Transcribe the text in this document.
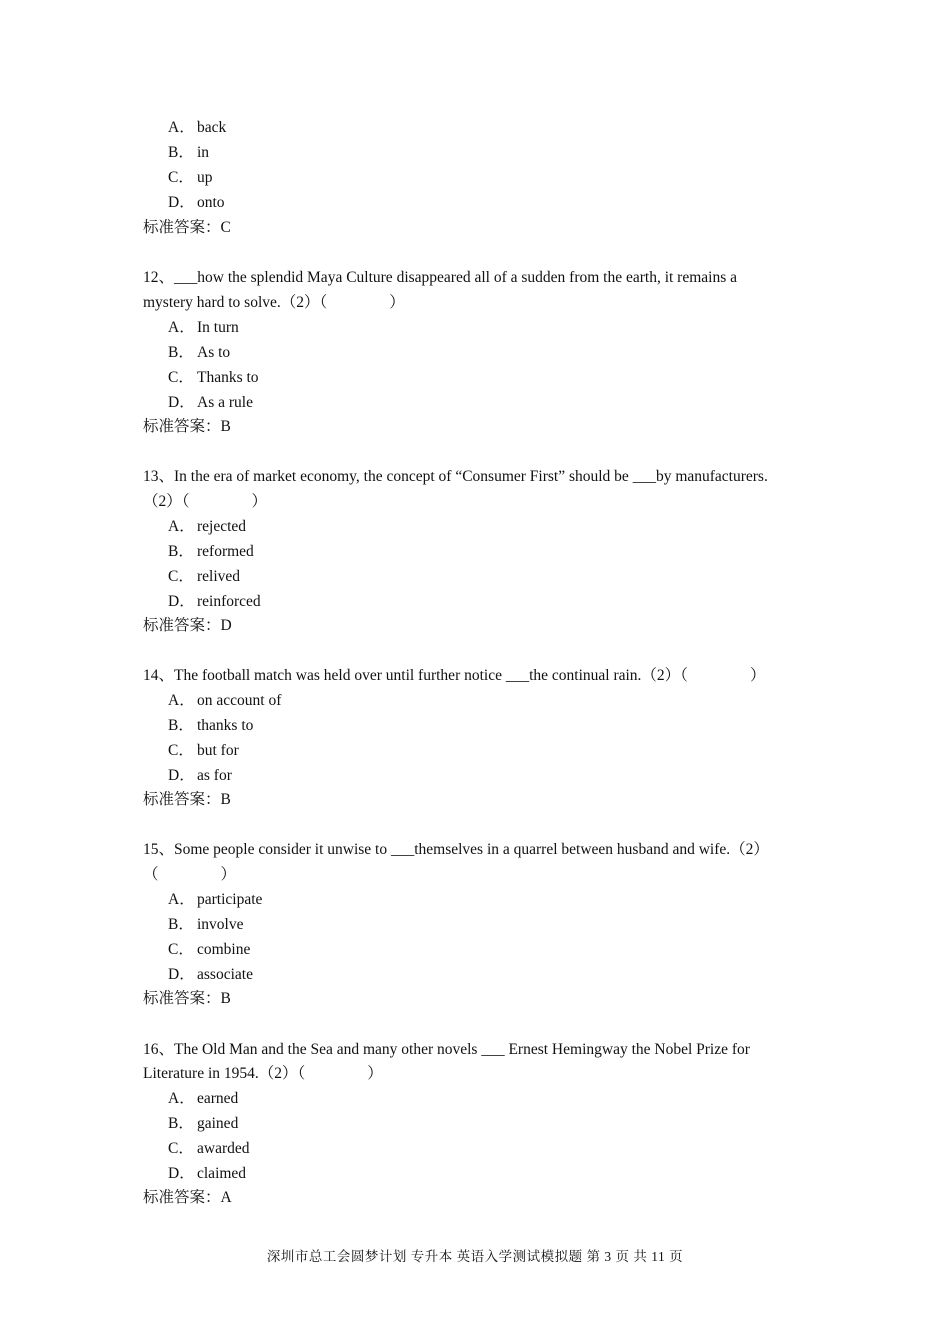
A． back
B． in
C． up
D． onto
标准答案：C
12、___how the splendid Maya Culture disappeared all of a sudden from the earth, it remains a
mystery hard to solve.（2）（　　　　）
A． In turn
B． As to
C． Thanks to
D． As a rule
标准答案：B
13、In the era of market economy, the concept of “Consumer First” should be ___by manufacturers.
（2）（　　　　）
A． rejected
B． reformed
C． relived
D． reinforced
标准答案：D
14、The football match was held over until further notice ___the continual rain.（2）（　　　　）
A． on account of
B． thanks to
C． but for
D． as for
标准答案：B
15、Some people consider it unwise to ___themselves in a quarrel between husband and wife.（2）
（　　　　）
A． participate
B． involve
C． combine
D． associate
标准答案：B
16、The Old Man and the Sea and many other novels ___ Ernest Hemingway the Nobel Prize for
Literature in 1954.（2）（　　　　）
A． earned
B． gained
C． awarded
D． claimed
标准答案：A
深圳市总工会圆梦计划 专升本 英语入学测试模拟题 第 3 页 共 11 页
